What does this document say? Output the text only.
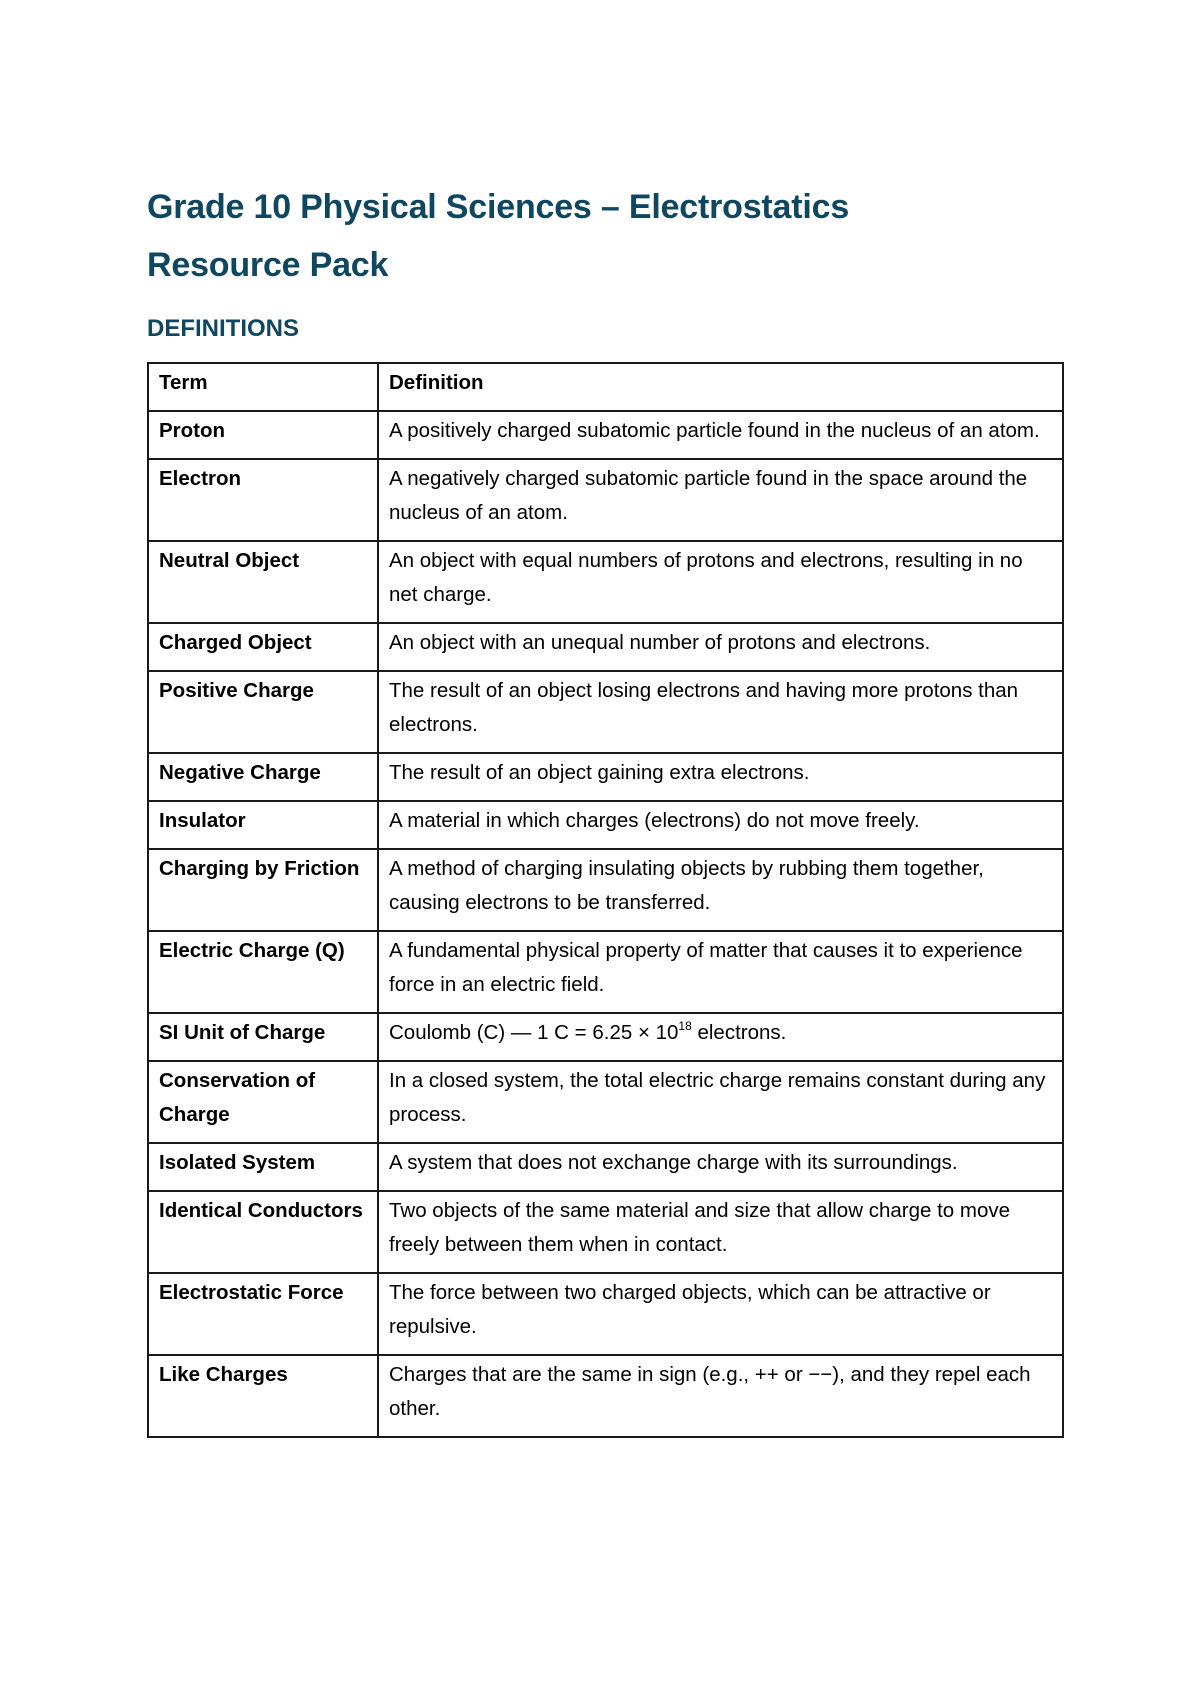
Grade 10 Physical Sciences – Electrostatics
Resource Pack
DEFINITIONS
Term	Definition
Proton	A positively charged subatomic particle found in the nucleus of an atom.
Electron	A negatively charged subatomic particle found in the space around the nucleus of an atom.
Neutral Object	An object with equal numbers of protons and electrons, resulting in no net charge.
Charged Object	An object with an unequal number of protons and electrons.
Positive Charge	The result of an object losing electrons and having more protons than electrons.
Negative Charge	The result of an object gaining extra electrons.
Insulator	A material in which charges (electrons) do not move freely.
Charging by Friction	A method of charging insulating objects by rubbing them together, causing electrons to be transferred.
Electric Charge (Q)	A fundamental physical property of matter that causes it to experience force in an electric field.
SI Unit of Charge	Coulomb (C) — 1 $C = 6.25 \times 10^{18}$ electrons.
Conservation of Charge	In a closed system, the total electric charge remains constant during any process.
Isolated System	A system that does not exchange charge with its surroundings.
Identical Conductors	Two objects of the same material and size that allow charge to move freely between them when in contact.
Electrostatic Force	The force between two charged objects, which can be attractive or repulsive.
Like Charges	Charges that are the same in sign (e.g., ++ or −−), and they repel each other.
